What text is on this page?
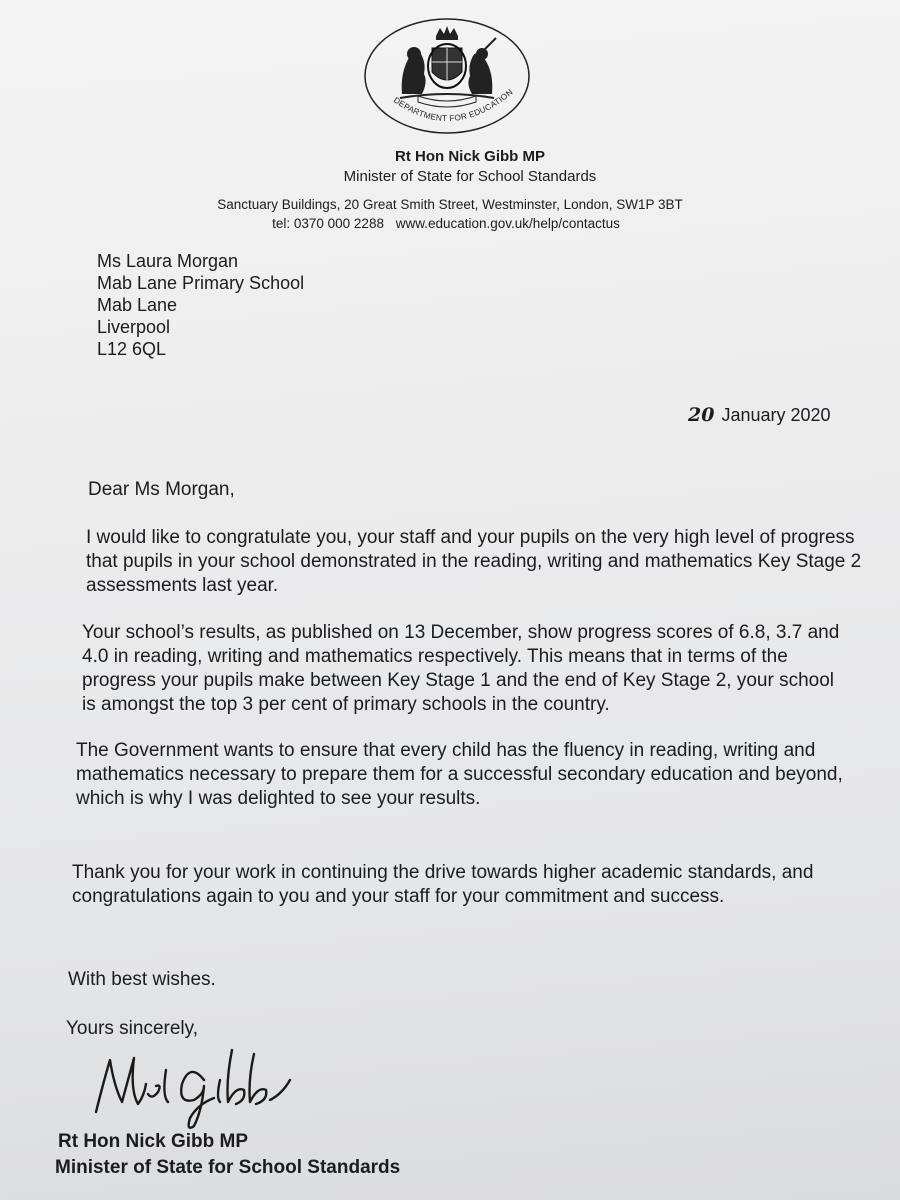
DEPARTMENT FOR EDUCATION
Rt Hon Nick Gibb MP
Minister of State for School Standards
Sanctuary Buildings, 20 Great Smith Street, Westminster, London, SW1P 3BT
tel: 0370 000 2288 www.education.gov.uk/help/contactus
Ms Laura Morgan
Mab Lane Primary School
Mab Lane
Liverpool
L12 6QL
20 January 2020
Dear Ms Morgan,
I would like to congratulate you, your staff and your pupils on the very high level of progress that pupils in your school demonstrated in the reading, writing and mathematics Key Stage 2 assessments last year.
Your school’s results, as published on 13 December, show progress scores of 6.8, 3.7 and 4.0 in reading, writing and mathematics respectively. This means that in terms of the progress your pupils make between Key Stage 1 and the end of Key Stage 2, your school is amongst the top 3 per cent of primary schools in the country.
The Government wants to ensure that every child has the fluency in reading, writing and mathematics necessary to prepare them for a successful secondary education and beyond, which is why I was delighted to see your results.
Thank you for your work in continuing the drive towards higher academic standards, and congratulations again to you and your staff for your commitment and success.
With best wishes.
Yours sincerely,
Rt Hon Nick Gibb MP
Minister of State for School Standards
